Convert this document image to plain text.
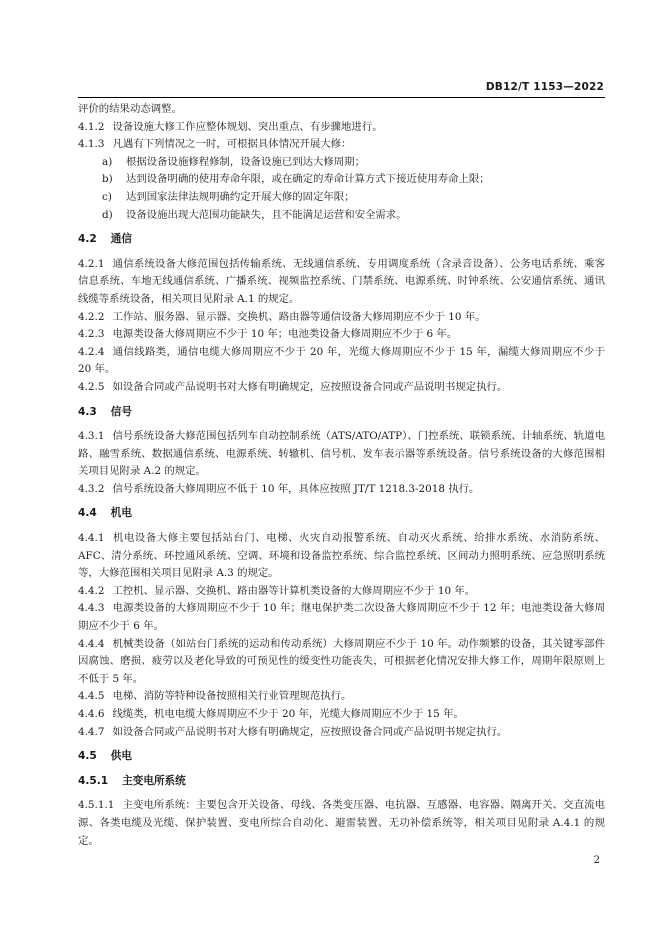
DB12/T 1153—2022

评价的结果动态调整。

4.1.2 设备设施大修工作应整体规划、突出重点、有步骤地进行。

4.1.3 凡遇有下列情况之一时，可根据具体情况开展大修：

a) 根据设备设施修程修制，设备设施已到达大修周期；

b) 达到设备明确的使用寿命年限，或在确定的寿命计算方式下接近使用寿命上限；

c) 达到国家法律法规明确约定开展大修的固定年限；

d) 设备设施出现大范围功能缺失，且不能满足运营和安全需求。

4.2 通信

4.2.1 通信系统设备大修范围包括传输系统、无线通信系统、专用调度系统（含录音设备）、公务电话系统、乘客信息系统、车地无线通信系统、广播系统、视频监控系统、门禁系统、电源系统、时钟系统、公安通信系统、通讯线缆等系统设备，相关项目见附录 A.1 的规定。

4.2.2 工作站、服务器、显示器、交换机、路由器等通信设备大修周期应不少于 10 年。

4.2.3 电源类设备大修周期应不少于 10 年；电池类设备大修周期应不少于 6 年。

4.2.4 通信线路类，通信电缆大修周期应不少于 20 年，光缆大修周期应不少于 15 年，漏缆大修周期应不少于 20 年。

4.2.5 如设备合同或产品说明书对大修有明确规定，应按照设备合同或产品说明书规定执行。

4.3 信号

4.3.1 信号系统设备大修范围包括列车自动控制系统（ATS/ATO/ATP）、门控系统、联锁系统、计轴系统、轨道电路、融雪系统、数据通信系统、电源系统、转辙机、信号机、发车表示器等系统设备。信号系统设备的大修范围相关项目见附录 A.2 的规定。

4.3.2 信号系统设备大修周期应不低于 10 年，具体应按照 JT/T 1218.3-2018 执行。

4.4 机电

4.4.1 机电设备大修主要包括站台门、电梯、火灾自动报警系统、自动灭火系统、给排水系统、水消防系统、AFC、清分系统、环控通风系统、空调、环境和设备监控系统、综合监控系统、区间动力照明系统、应急照明系统等，大修范围相关项目见附录 A.3 的规定。

4.4.2 工控机、显示器、交换机、路由器等计算机类设备的大修周期应不少于 10 年。

4.4.3 电源类设备的大修周期应不少于 10 年；继电保护类二次设备大修周期应不少于 12 年；电池类设备大修周期应不少于 6 年。

4.4.4 机械类设备（如站台门系统的运动和传动系统）大修周期应不少于 10 年。动作频繁的设备，其关键零部件因腐蚀、磨损、疲劳以及老化导致的可预见性的缓变性功能丧失，可根据老化情况安排大修工作，周期年限原则上不低于 5 年。

4.4.5 电梯、消防等特种设备按照相关行业管理规范执行。

4.4.6 线缆类，机电电缆大修周期应不少于 20 年，光缆大修周期应不少于 15 年。

4.4.7 如设备合同或产品说明书对大修有明确规定，应按照设备合同或产品说明书规定执行。

4.5 供电
4.5.1 主变电所系统

4.5.1.1 主变电所系统：主要包含开关设备、母线、各类变压器、电抗器、互感器、电容器、隔离开关、交直流电源、各类电缆及光缆、保护装置、变电所综合自动化、避雷装置、无功补偿系统等，相关项目见附录 A.4.1 的规定。

2
